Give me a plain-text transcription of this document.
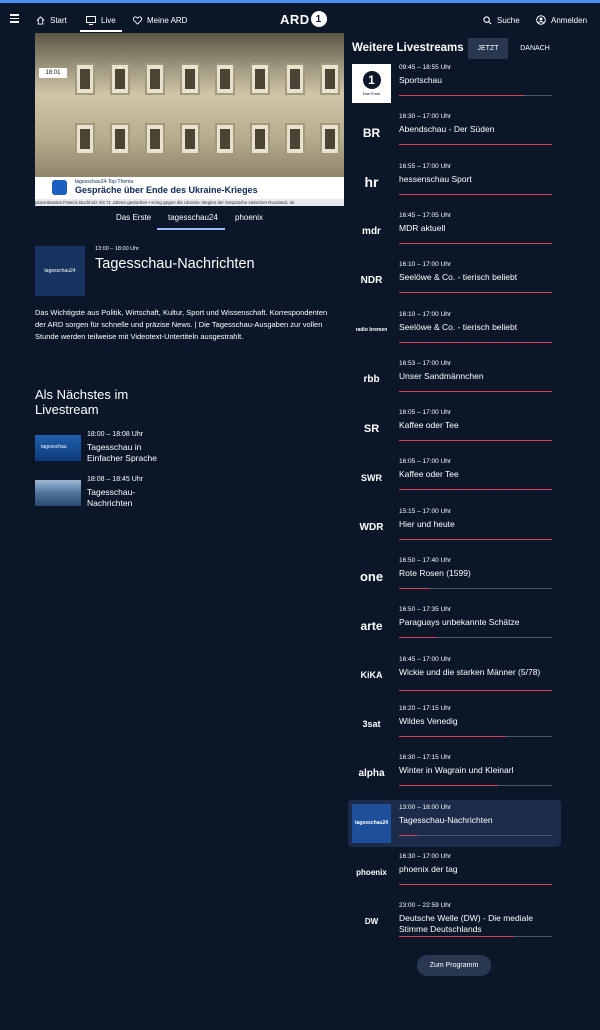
Start	Live	Meine ARD	ARD 1	Suche	Anmelden
18:01
tagesschau24-Top-Thema
Gespräche über Ende des Ukraine-Krieges
pions-Bassist Francis Buchholz mit 71 Jahren gestorben • Krieg gegen die Ukraine: Beginn der Gespräche zwischen Russland, de
Das Erste tagesschau24 phoenix
tagesschau24
13:00 – 18:00 Uhr
Tagesschau-Nachrichten
Das Wichtigste aus Politik, Wirtschaft, Kultur, Sport und Wissenschaft. Korrespondenten der ARD sorgen für schnelle und präzise News. | Die Tagesschau-Ausgaben zur vollen Stunde werden teilweise mit Videotext-Untertiteln ausgestrahlt.
Als Nächstes im Livestream
tagesschau
18:00 – 18:08 Uhr
Tagesschau in Einfacher Sprache
18:08 – 18:45 Uhr
Tagesschau-Nachrichten
Weitere Livestreams	JETZT	DANACH
1
Das Erste
09:45 – 18:55 Uhr
Sportschau
BR
16:30 – 17:00 Uhr
Abendschau - Der Süden
hr
16:55 – 17:00 Uhr
hessenschau Sport
mdr
16:45 – 17:05 Uhr
MDR aktuell
NDR
16:10 – 17:00 Uhr
Seelöwe & Co. - tierisch beliebt
radio bremen
16:10 – 17:00 Uhr
Seelöwe & Co. - tierisch beliebt
rbb
16:53 – 17:00 Uhr
Unser Sandmännchen
SR
16:05 – 17:00 Uhr
Kaffee oder Tee
SWR
16:05 – 17:00 Uhr
Kaffee oder Tee
WDR
15:15 – 17:00 Uhr
Hier und heute
one
16:50 – 17:40 Uhr
Rote Rosen (1599)
arte
16:50 – 17:35 Uhr
Paraguays unbekannte Schätze
KiKA
16:45 – 17:00 Uhr
Wickie und die starken Männer (5/78)
3sat
16:20 – 17:15 Uhr
Wildes Venedig
alpha
16:30 – 17:15 Uhr
Winter in Wagrain und Kleinarl
tagesschau24
13:00 – 18:00 Uhr
Tagesschau-Nachrichten
phoenix
16:30 – 17:00 Uhr
phoenix der tag
DW
23:00 – 22:59 Uhr
Deutsche Welle (DW) - Die mediale Stimme Deutschlands
Zum Programm
